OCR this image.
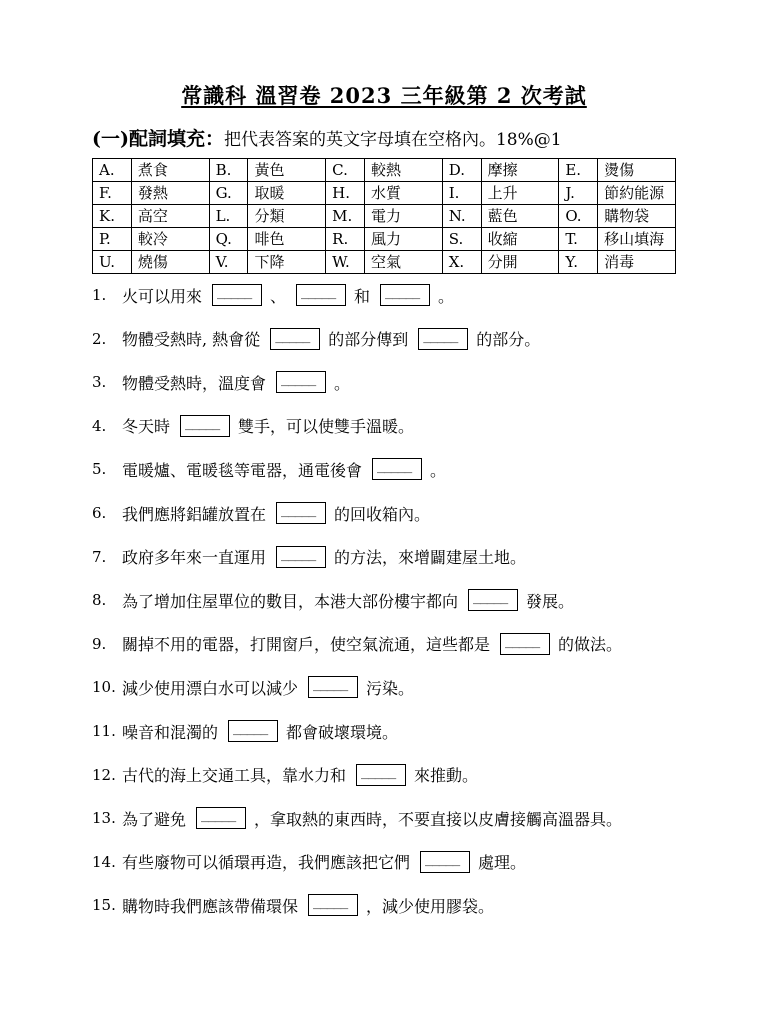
常識科 溫習卷 2023 三年級第 2 次考試
(一)配詞填充：把代表答案的英文字母填在空格內。18%@1
A.	煮食	B.	黃色	C.	較熱	D.	摩擦	E.	燙傷
F.	發熱	G.	取暖	H.	水質	I.	上升	J.	節約能源
K.	高空	L.	分類	M.	電力	N.	藍色	O.	購物袋
P.	較冷	Q.	啡色	R.	風力	S.	收縮	T.	移山填海
U.	燒傷	V.	下降	W.	空氣	X.	分開	Y.	消毒
1. 火可以用來 _____	、 _____	和 _____	。
2. 物體受熱時, 熱會從 _____	的部分傳到 _____	的部分。
3. 物體受熱時，溫度會 _____	。
4. 冬天時 _____	雙手，可以使雙手溫暖。
5. 電暖爐、電暖毯等電器，通電後會 _____	。
6. 我們應將鋁罐放置在 _____	的回收箱內。
7. 政府多年來一直運用 _____	的方法，來增闢建屋土地。
8. 為了增加住屋單位的數目，本港大部份樓宇都向 _____	發展。
9. 關掉不用的電器，打開窗戶，使空氣流通，這些都是 _____	的做法。
10. 減少使用漂白水可以減少 _____	污染。
11. 噪音和混濁的 _____	都會破壞環境。
12. 古代的海上交通工具，靠水力和 _____	來推動。
13. 為了避免 _____	，拿取熱的東西時，不要直接以皮膚接觸高溫器具。
14. 有些廢物可以循環再造，我們應該把它們 _____	處理。
15. 購物時我們應該帶備環保 _____	，減少使用膠袋。
